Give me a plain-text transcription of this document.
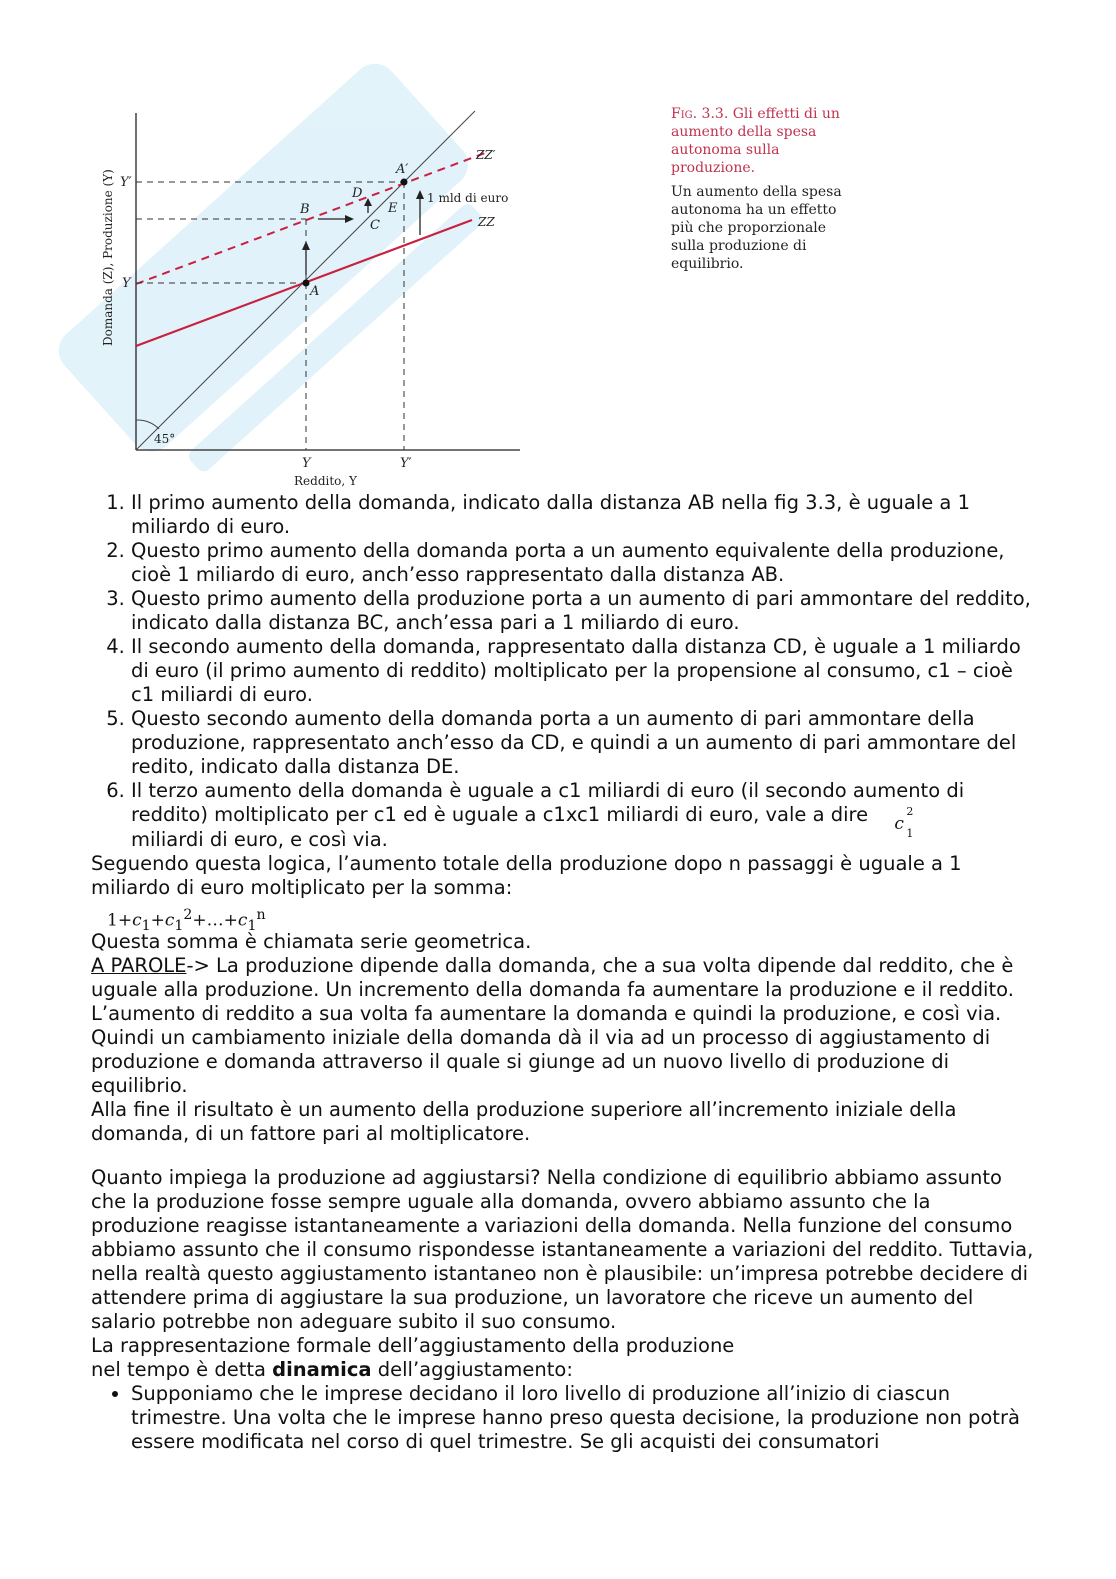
45°
Domanda (Z), Produzione (Y)
Reddito, Y
Y′
Y
Y	Y′
ZZ′
ZZ
A
A′
B
C
D
E
1 mld di euro
Fig. 3.3. Gli effetti di un aumento della spesa autonoma sulla produzione.
Un aumento della spesa autonoma ha un effetto più che proporzionale sulla produzione di equilibrio.
1. Il primo aumento della domanda, indicato dalla distanza AB nella fig 3.3, è uguale a 1 miliardo di euro.
2. Questo primo aumento della domanda porta a un aumento equivalente della produzione, cioè 1 miliardo di euro, anch’esso rappresentato dalla distanza AB.
3. Questo primo aumento della produzione porta a un aumento di pari ammontare del reddito, indicato dalla distanza BC, anch’essa pari a 1 miliardo di euro.
4. Il secondo aumento della domanda, rappresentato dalla distanza CD, è uguale a 1 miliardo di euro (il primo aumento di reddito) moltiplicato per la propensione al consumo, c1 – cioè c1 miliardi di euro.
5. Questo secondo aumento della domanda porta a un aumento di pari ammontare della produzione, rappresentato anch’esso da CD, e quindi a un aumento di pari ammontare del redito, indicato dalla distanza DE.
6. Il terzo aumento della domanda è uguale a c1 miliardi di euro (il secondo aumento di reddito) moltiplicato per c1 ed è uguale a c1xc1 miliardi di euro, vale a dire c
2
1

miliardi di euro, e così via.

Seguendo questa logica, l’aumento totale della produzione dopo n passaggi è uguale a 1 miliardo di euro moltiplicato per la somma:

$1+c_1+c_1^2+\dots+c_1^n$

Questa somma è chiamata serie geometrica.

A PAROLE-> La produzione dipende dalla domanda, che a sua volta dipende dal reddito, che è uguale alla produzione. Un incremento della domanda fa aumentare la produzione e il reddito. L’aumento di reddito a sua volta fa aumentare la domanda e quindi la produzione, e così via. Quindi un cambiamento iniziale della domanda dà il via ad un processo di aggiustamento di produzione e domanda attraverso il quale si giunge ad un nuovo livello di produzione di equilibrio.

Alla fine il risultato è un aumento della produzione superiore all’incremento iniziale della domanda, di un fattore pari al moltiplicatore.

Quanto impiega la produzione ad aggiustarsi? Nella condizione di equilibrio abbiamo assunto che la produzione fosse sempre uguale alla domanda, ovvero abbiamo assunto che la produzione reagisse istantaneamente a variazioni della domanda. Nella funzione del consumo abbiamo assunto che il consumo rispondesse istantaneamente a variazioni del reddito. Tuttavia, nella realtà questo aggiustamento istantaneo non è plausibile: un’impresa potrebbe decidere di attendere prima di aggiustare la sua produzione, un lavoratore che riceve un aumento del salario potrebbe non adeguare subito il suo consumo.

La rappresentazione formale dell’aggiustamento della produzione

nel tempo è detta dinamica dell’aggiustamento:

• Supponiamo che le imprese decidano il loro livello di produzione all’inizio di ciascun trimestre. Una volta che le imprese hanno preso questa decisione, la produzione non potrà essere modificata nel corso di quel trimestre. Se gli acquisti dei consumatori
